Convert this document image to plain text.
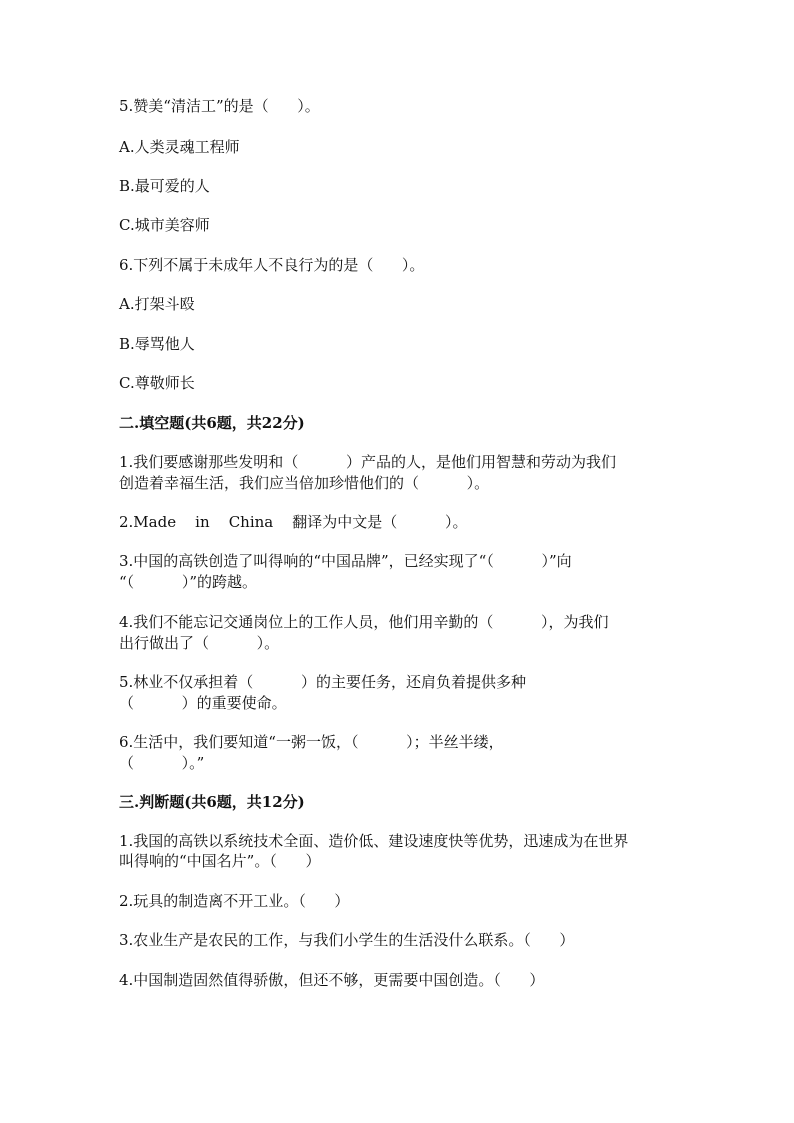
5.赞美“清洁工”的是（      ）。
A.人类灵魂工程师
B.最可爱的人
C.城市美容师
6.下列不属于未成年人不良行为的是（      ）。
A.打架斗殴
B.辱骂他人
C.尊敬师长
二.填空题(共6题，共22分)
1.我们要感谢那些发明和（          ）产品的人，是他们用智慧和劳动为我们
创造着幸福生活，我们应当倍加珍惜他们的（          ）。
2.Made    in    China    翻译为中文是（          ）。
3.中国的高铁创造了叫得响的“中国品牌”，已经实现了“（          ）”向
“（          ）”的跨越。
4.我们不能忘记交通岗位上的工作人员，他们用辛勤的（          ），为我们
出行做出了（          ）。
5.林业不仅承担着（          ）的主要任务，还肩负着提供多种
（          ）的重要使命。
6.生活中，我们要知道“一粥一饭，（          ）；半丝半缕，
（          ）。”
三.判断题(共6题，共12分)
1.我国的高铁以系统技术全面、造价低、建设速度快等优势，迅速成为在世界
叫得响的“中国名片”。（      ）
2.玩具的制造离不开工业。（      ）
3.农业生产是农民的工作，与我们小学生的生活没什么联系。（      ）
4.中国制造固然值得骄傲，但还不够，更需要中国创造。（      ）
